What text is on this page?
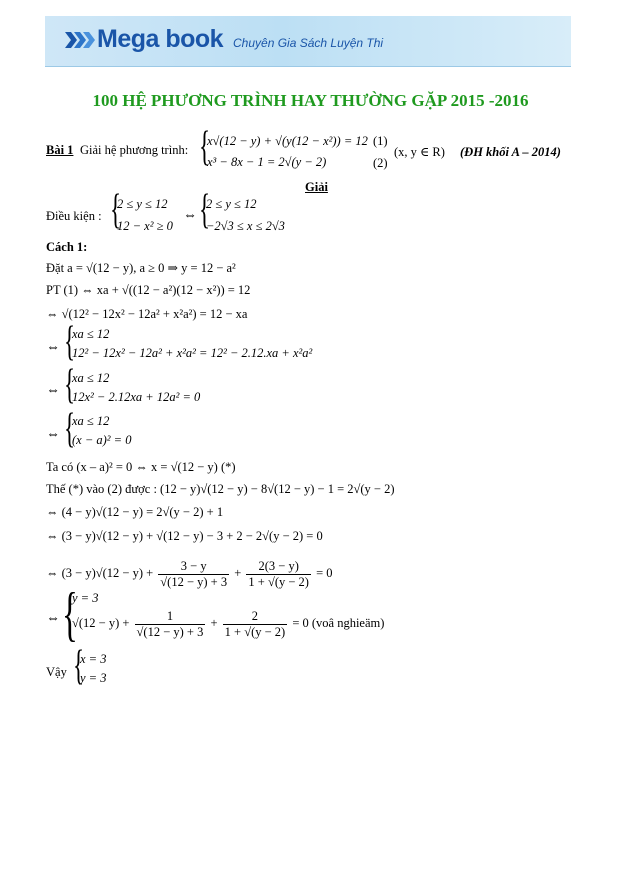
Mega book Chuyên Gia Sách Luyện Thi
100 HỆ PHƯƠNG TRÌNH HAY THƯỜNG GẶP 2015 -2016
Bài 1 Giải hệ phương trình: {
x√(12 − y) + √(y(12 − x²)) = 12 (1)
x³ − 8x − 1 = 2√(y − 2)	(2)
(x, y ∈ R) (ĐH khối A – 2014)
Giải
Điều kiện : {
2 ≤ y ≤ 12
12 − x² ≥ 0
⇔ {
2 ≤ y ≤ 12
−2√3 ≤ x ≤ 2√3
Cách 1:
Đặt a = √(12 − y), a ≥ 0 ⇒ y = 12 − a²
PT (1) ⇔ xa + √((12 − a²)(12 − x²)) = 12
⇔ √(12² − 12x² − 12a² + x²a²) = 12 − xa
⇔ {
xa ≤ 12
12² − 12x² − 12a² + x²a² = 12² − 2.12.xa + x²a²
⇔ {
xa ≤ 12
12x² − 2.12xa + 12a² = 0
⇔ {
xa ≤ 12
(x − a)² = 0
Ta có (x – a)² = 0 ⇔ x = √(12 − y) (*)
Thế (*) vào (2) được : (12 − y)√(12 − y) − 8√(12 − y) − 1 = 2√(y − 2)
⇔ (4 − y)√(12 − y) = 2√(y − 2) + 1
⇔ (3 − y)√(12 − y) + √(12 − y) − 3 + 2 − 2√(y − 2) = 0
⇔ $(3 - y)√(12 - y) + \frac{3 - y}{√(12 - y) + 3} + \frac{2(3 - y)}{1 + √(y - 2)} = 0$
⇔ {
y = 3
$√(12 - y) + \frac{1}{√(12 - y) + 3} + \frac{2}{1 + √(y - 2)} = 0$ (voâ nghieäm)
Vậy {
x = 3
y = 3
